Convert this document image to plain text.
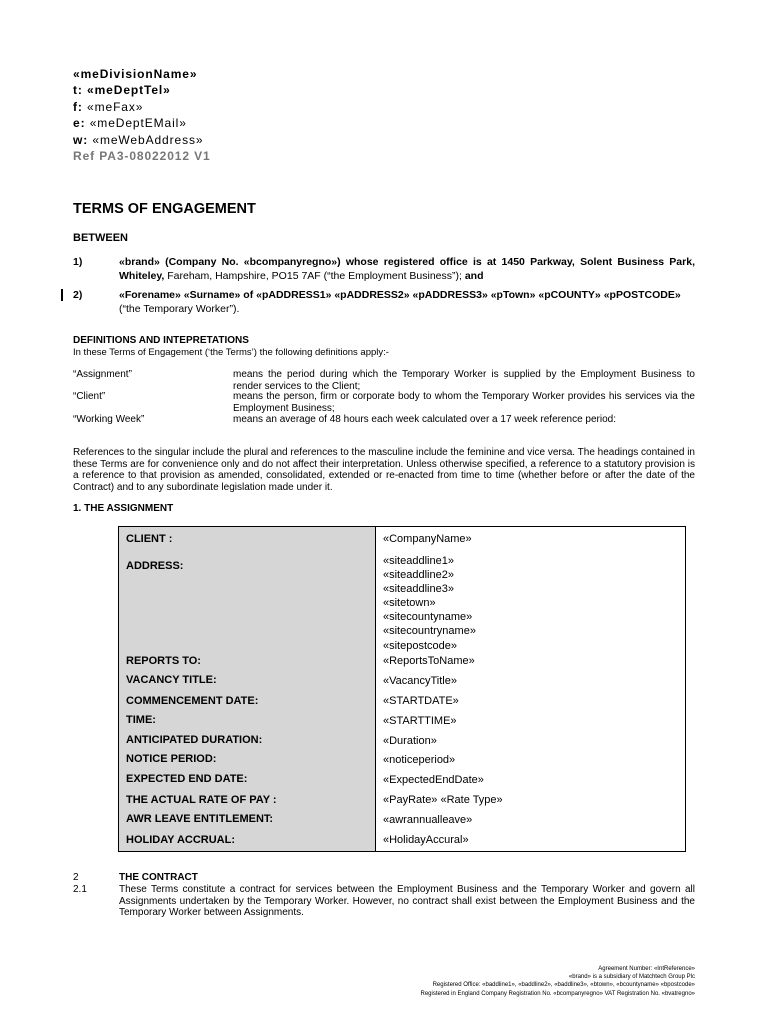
«meDivisionName»
t: «meDeptTel»
f: «meFax»
e: «meDeptEMail»
w: «meWebAddress»
Ref PA3-08022012 V1
TERMS OF ENGAGEMENT
BETWEEN
1)	«brand» (Company No. «bcompanyregno») whose registered office is at 1450 Parkway, Solent Business Park, Whiteley, Fareham, Hampshire, PO15 7AF (“the Employment Business”); and
2)	«Forename» «Surname» of «pADDRESS1» «pADDRESS2» «pADDRESS3» «pTown» «pCOUNTY» «pPOSTCODE»
(“the Temporary Worker”).
DEFINITIONS AND INTEPRETATIONS
In these Terms of Engagement (‘the Terms’) the following definitions apply:-
“Assignment”	means the period during which the Temporary Worker is supplied by the Employment Business to render services to the Client;
“Client”	means the person, firm or corporate body to whom the Temporary Worker provides his services via the Employment Business;
“Working Week”	means an average of 48 hours each week calculated over a 17 week reference period:
References to the singular include the plural and references to the masculine include the feminine and vice versa. The headings contained in these Terms are for convenience only and do not affect their interpretation. Unless otherwise specified, a reference to a statutory provision is a reference to that provision as amended, consolidated, extended or re-enacted from time to time (whether before or after the date of the Contract) and to any subordinate legislation made under it.
1. THE ASSIGNMENT
CLIENT :	«CompanyName»
ADDRESS:	«siteaddline1»
«siteaddline2»
«siteaddline3»
«sitetown»
«sitecountyname»
«sitecountryname»
«sitepostcode»
REPORTS TO:	«ReportsToName»
VACANCY TITLE:	«VacancyTitle»
COMMENCEMENT DATE:	«STARTDATE»
TIME:	«STARTTIME»
ANTICIPATED DURATION:	«Duration»
NOTICE PERIOD:	«noticeperiod»
EXPECTED END DATE:	«ExpectedEndDate»
THE ACTUAL RATE OF PAY :	«PayRate» «Rate Type»
AWR LEAVE ENTITLEMENT:	«awrannualleave»
HOLIDAY ACCRUAL:	«HolidayAccural»
2	THE CONTRACT
2.1	These Terms constitute a contract for services between the Employment Business and the Temporary Worker and govern all Assignments undertaken by the Temporary Worker. However, no contract shall exist between the Employment Business and the Temporary Worker between Assignments.
Agreement Number: «IntReference»
«brand» is a subsidiary of Matchtech Group Plc
Registered Office: «baddline1», «baddline2», «baddline3», «btown», «bcountyname» «bpostcode»
Registered in England Company Registration No. «bcompanyregno» VAT Registration No. «bvatregno»
